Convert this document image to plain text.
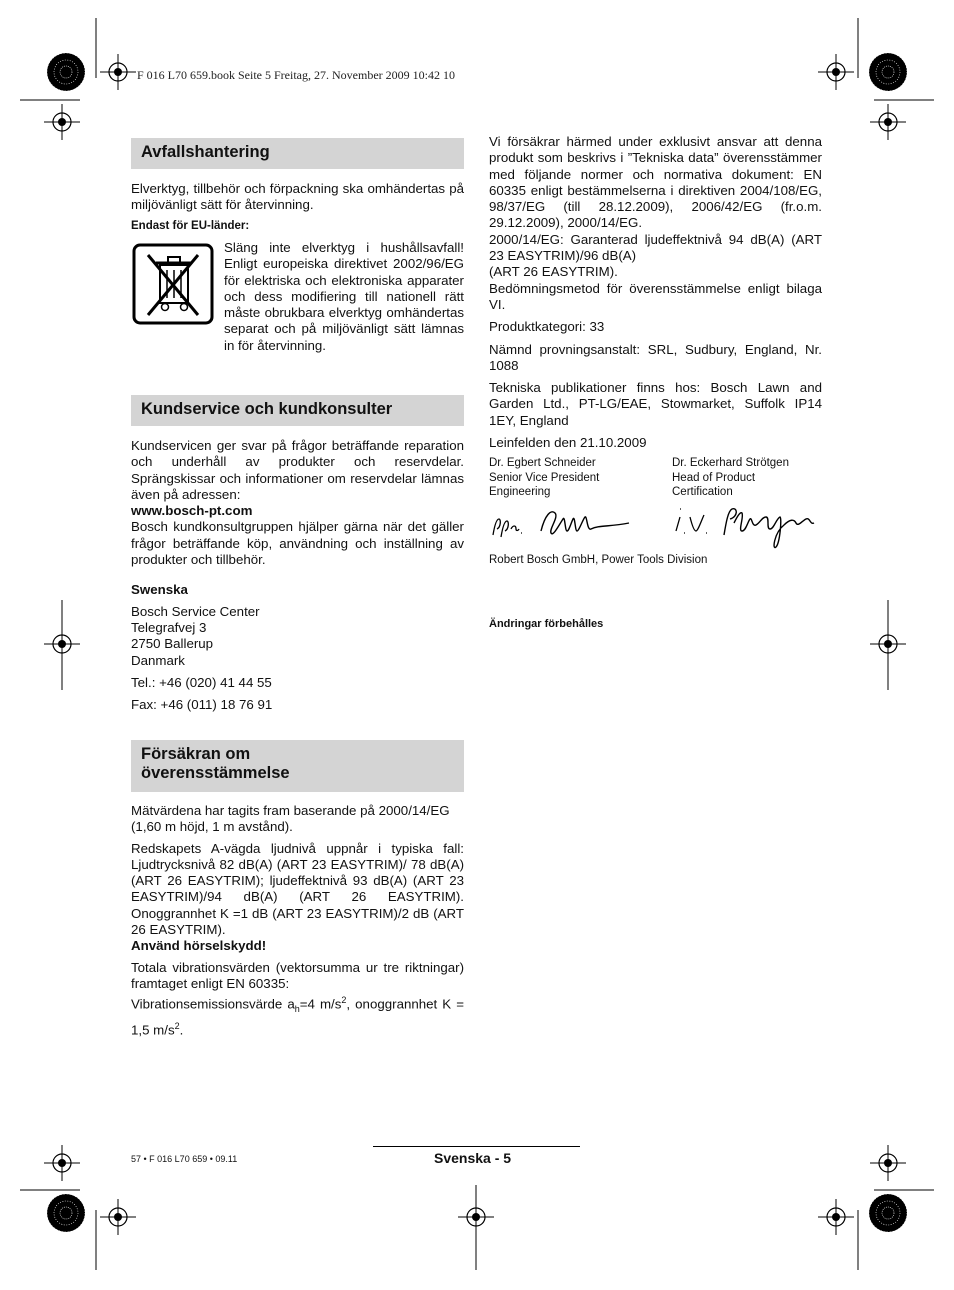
F 016 L70 659.book Seite 5 Freitag, 27. November 2009 10:42 10
Avfallshantering

Elverktyg, tillbehör och förpackning ska omhändertas på miljövänligt sätt för återvinning.

Endast för EU-länder:

Släng inte elverktyg i hushållsavfall! Enligt europeiska direktivet 2002/96/EG för elektriska och elektroniska apparater och dess modifiering till nationell rätt måste obrukbara elverktyg omhändertas separat och på miljövänligt sätt lämnas in för återvinning.

Kundservice och kundkonsulter

Kundservicen ger svar på frågor beträffande reparation och underhåll av produkter och reservdelar. Sprängskissar och informationer om reservdelar lämnas även på adressen:

www.bosch-pt.com

Bosch kundkonsultgruppen hjälper gärna när det gäller frågor beträffande köp, användning och inställning av produkter och tillbehör.

Swenska

Bosch Service Center

Telegrafvej 3

2750 Ballerup

Danmark

Tel.: +46 (020) 41 44 55

Fax: +46 (011) 18 76 91

Försäkran om
överensstämmelse

Mätvärdena har tagits fram baserande på 2000/14/EG (1,60 m höjd, 1 m avstånd).

Redskapets A-vägda ljudnivå uppnår i typiska fall: Ljudtrycksnivå 82 dB(A) (ART 23 EASYTRIM)/ 78 dB(A) (ART 26 EASYTRIM); ljudeffektnivå 93 dB(A) (ART 23 EASYTRIM)/94 dB(A) (ART 26 EASYTRIM). Onoggrannhet K =1 dB (ART 23 EASYTRIM)/2 dB (ART 26 EASYTRIM).

Använd hörselskydd!

Totala vibrationsvärden (vektorsumma ur tre riktningar) framtaget enligt EN 60335:

Vibrationsemissionsvärde $a_h=4$ $m/s^2$, onoggrannhet K = 1,5 $m/s^2$.

Vi försäkrar härmed under exklusivt ansvar att denna produkt som beskrivs i ”Tekniska data” överensstämmer med följande normer och normativa dokument: EN 60335 enligt bestämmelserna i direktiven 2004/108/EG, 98/37/EG (till 28.12.2009), 2006/42/EG (fr.o.m. 29.12.2009), 2000/14/EG.

2000/14/EG: Garanterad ljudeffektnivå 94 dB(A) (ART 23 EASYTRIM)/96 dB(A)

(ART 26 EASYTRIM).

Bedömningsmetod för överensstämmelse enligt bilaga VI.

Produktkategori: 33

Nämnd provningsanstalt: SRL, Sudbury, England, Nr. 1088

Tekniska publikationer finns hos: Bosch Lawn and Garden Ltd., PT-LG/EAE, Stowmarket, Suffolk IP14 1EY, England

Leinfelden den 21.10.2009

Dr. Egbert Schneider
Senior Vice President
Engineering
Dr. Eckerhard Strötgen
Head of Product
Certification
Robert Bosch GmbH, Power Tools Division
Ändringar förbehålles
57 • F 016 L70 659 • 09.11	Svenska - 5
